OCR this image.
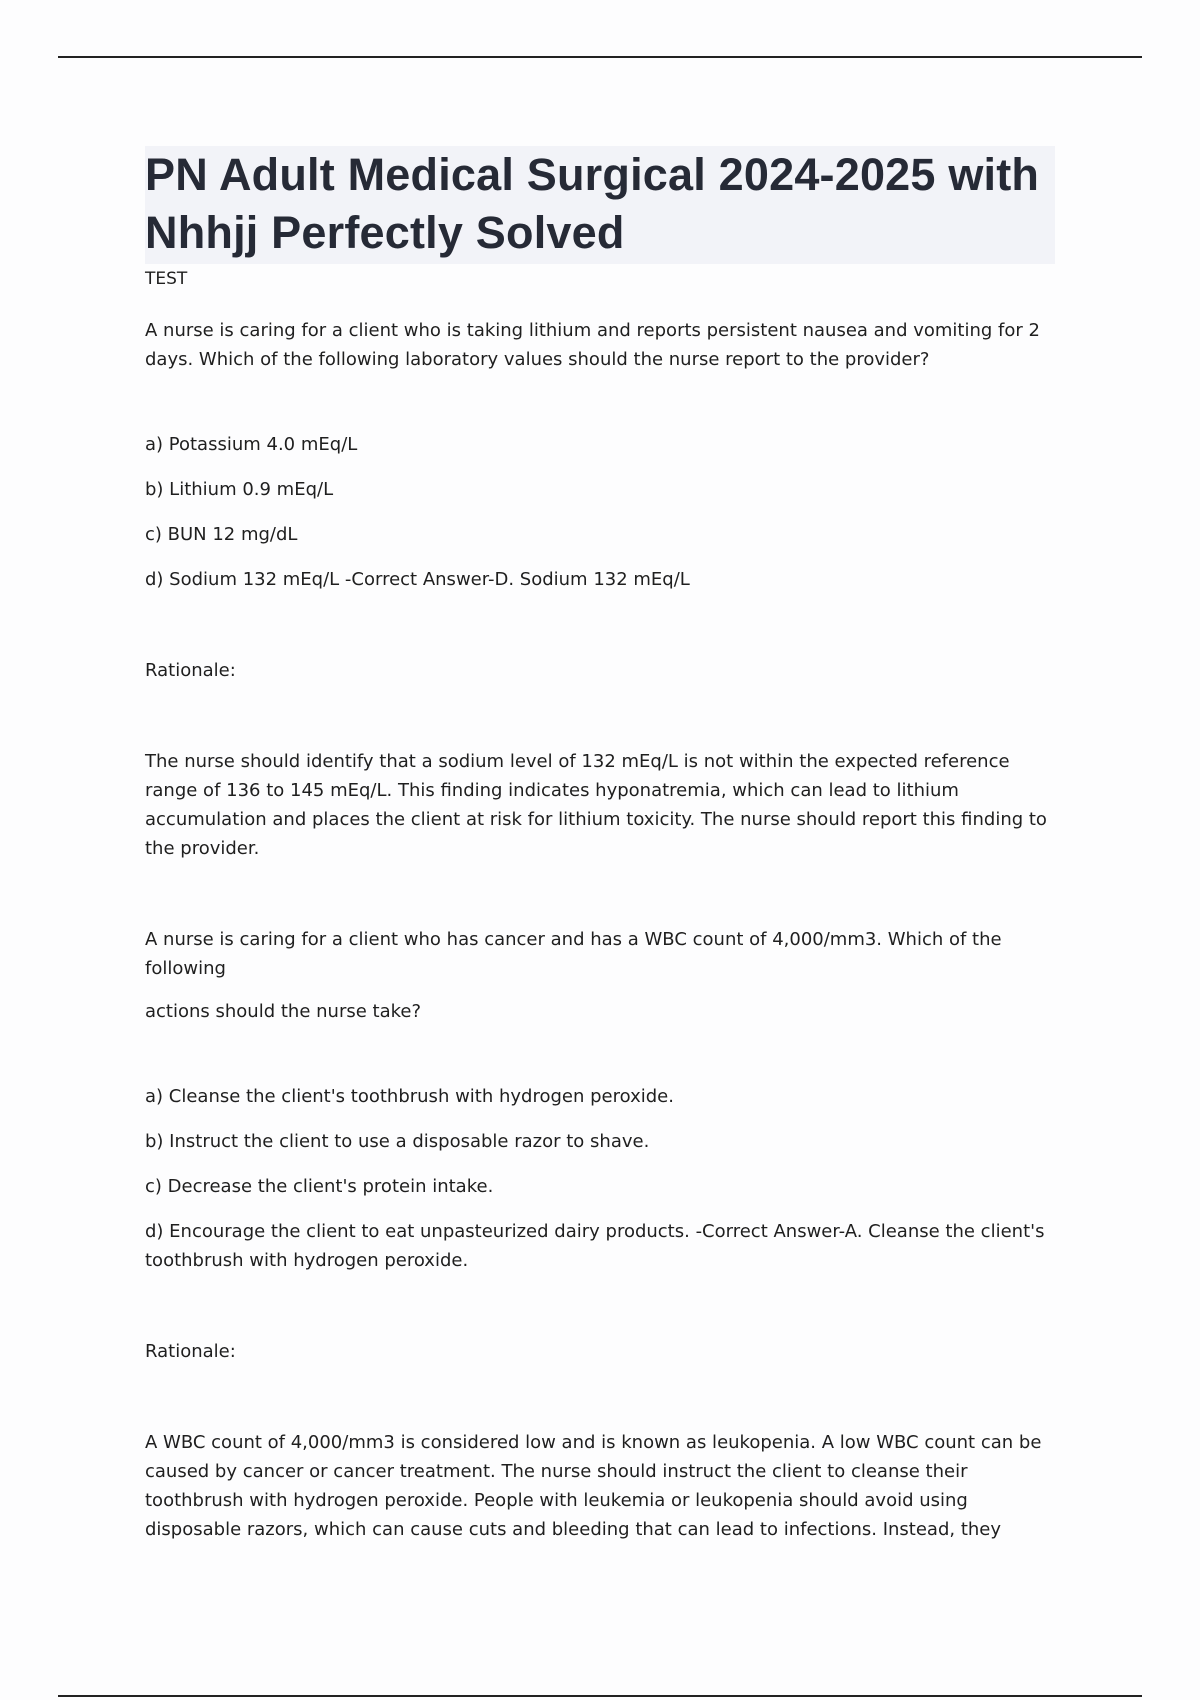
PN Adult Medical Surgical 2024-2025 with Nhhjj Perfectly Solved
TEST

A nurse is caring for a client who is taking lithium and reports persistent nausea and vomiting for 2 days. Which of the following laboratory values should the nurse report to the provider?

a) Potassium 4.0 mEq/L

b) Lithium 0.9 mEq/L

c) BUN 12 mg/dL

d) Sodium 132 mEq/L -Correct Answer-D. Sodium 132 mEq/L

Rationale:

The nurse should identify that a sodium level of 132 mEq/L is not within the expected reference range of 136 to 145 mEq/L. This finding indicates hyponatremia, which can lead to lithium accumulation and places the client at risk for lithium toxicity. The nurse should report this finding to the provider.

A nurse is caring for a client who has cancer and has a WBC count of 4,000/mm3. Which of the following

actions should the nurse take?

a) Cleanse the client's toothbrush with hydrogen peroxide.

b) Instruct the client to use a disposable razor to shave.

c) Decrease the client's protein intake.

d) Encourage the client to eat unpasteurized dairy products. -Correct Answer-A. Cleanse the client's toothbrush with hydrogen peroxide.

Rationale:

A WBC count of 4,000/mm3 is considered low and is known as leukopenia. A low WBC count can be caused by cancer or cancer treatment. The nurse should instruct the client to cleanse their toothbrush with hydrogen peroxide. People with leukemia or leukopenia should avoid using disposable razors, which can cause cuts and bleeding that can lead to infections. Instead, they
